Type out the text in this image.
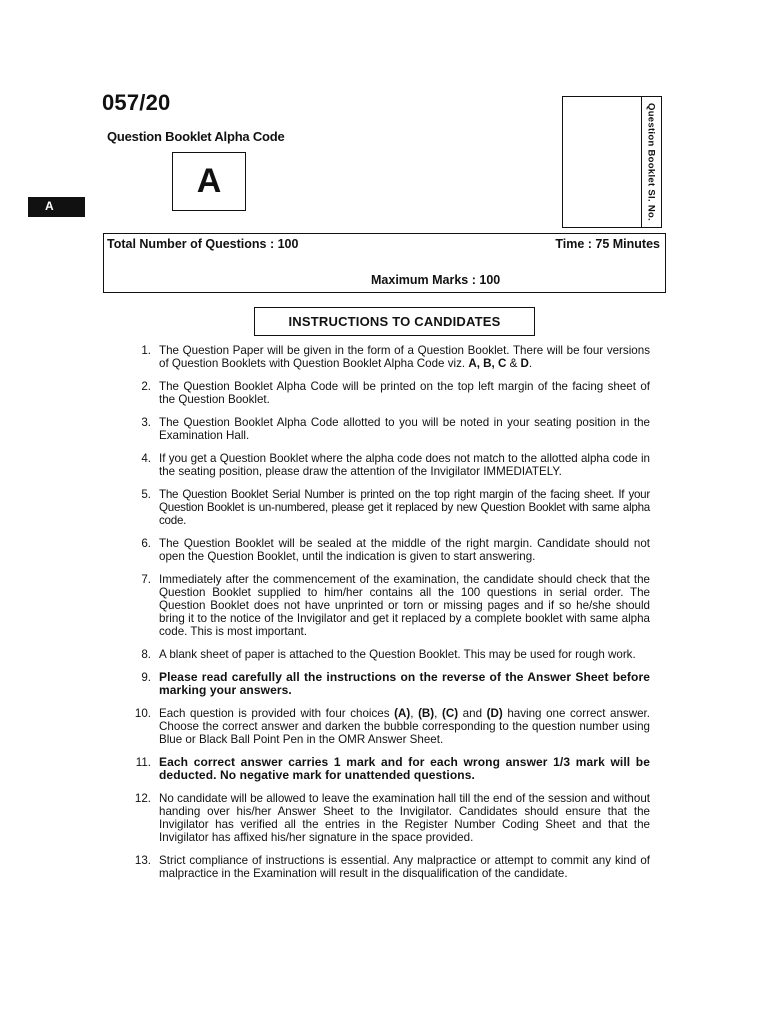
057/20
Question Booklet Alpha Code
A
A	Question Booklet Sl. No.
Total Number of Questions : 100	Time : 75 Minutes
Maximum Marks : 100
INSTRUCTIONS TO CANDIDATES
1. The Question Paper will be given in the form of a Question Booklet. There will be four versions of Question Booklets with Question Booklet Alpha Code viz. A, B, C & D.
2. The Question Booklet Alpha Code will be printed on the top left margin of the facing sheet of the Question Booklet.
3. The Question Booklet Alpha Code allotted to you will be noted in your seating position in the Examination Hall.
4. If you get a Question Booklet where the alpha code does not match to the allotted alpha code in the seating position, please draw the attention of the Invigilator IMMEDIATELY.
5. The Question Booklet Serial Number is printed on the top right margin of the facing sheet. If your Question Booklet is un-numbered, please get it replaced by new Question Booklet with same alpha code.
6. The Question Booklet will be sealed at the middle of the right margin. Candidate should not open the Question Booklet, until the indication is given to start answering.
7. Immediately after the commencement of the examination, the candidate should check that the Question Booklet supplied to him/her contains all the 100 questions in serial order. The Question Booklet does not have unprinted or torn or missing pages and if so he/she should bring it to the notice of the Invigilator and get it replaced by a complete booklet with same alpha code. This is most important.
8. A blank sheet of paper is attached to the Question Booklet. This may be used for rough work.
9. Please read carefully all the instructions on the reverse of the Answer Sheet before marking your answers.
10. Each question is provided with four choices (A), (B), (C) and (D) having one correct answer. Choose the correct answer and darken the bubble corresponding to the question number using Blue or Black Ball Point Pen in the OMR Answer Sheet.
11. Each correct answer carries 1 mark and for each wrong answer 1/3 mark will be deducted. No negative mark for unattended questions.
12. No candidate will be allowed to leave the examination hall till the end of the session and without handing over his/her Answer Sheet to the Invigilator. Candidates should ensure that the Invigilator has verified all the entries in the Register Number Coding Sheet and that the Invigilator has affixed his/her signature in the space provided.
13. Strict compliance of instructions is essential. Any malpractice or attempt to commit any kind of malpractice in the Examination will result in the disqualification of the candidate.
